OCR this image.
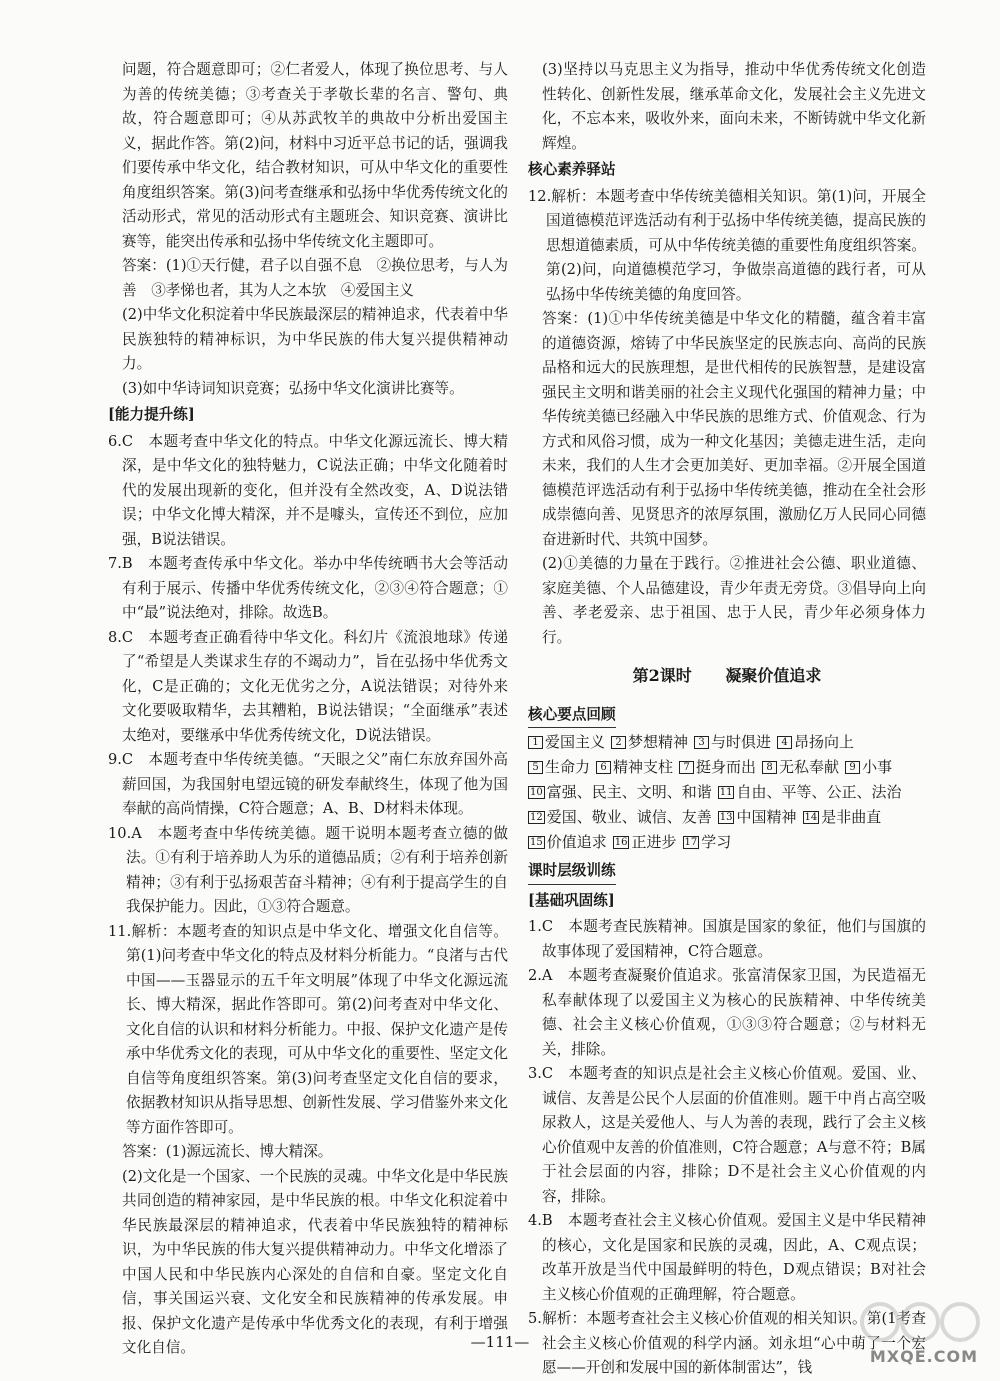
问题，符合题意即可；②仁者爱人，体现了换位思考、与人为善的传统美德；③考查关于孝敬长辈的名言、警句、典故，符合题意即可；④从苏武牧羊的典故中分析出爱国主义，据此作答。第(2)问，材料中习近平总书记的话，强调我们要传承中华文化，结合教材知识，可从中华文化的重要性角度组织答案。第(3)问考查继承和弘扬中华优秀传统文化的活动形式，常见的活动形式有主题班会、知识竞赛、演讲比赛等，能突出传承和弘扬中华传统文化主题即可。

答案：(1)①天行健，君子以自强不息　②换位思考，与人为善　③孝悌也者，其为人之本欤　④爱国主义

(2)中华文化积淀着中华民族最深层的精神追求，代表着中华民族独特的精神标识，为中华民族的伟大复兴提供精神动力。

(3)如中华诗词知识竞赛；弘扬中华文化演讲比赛等。

[能力提升练]

6.C　本题考查中华文化的特点。中华文化源远流长、博大精深，是中华文化的独特魅力，C说法正确；中华文化随着时代的发展出现新的变化，但并没有全然改变，A、D说法错误；中华文化博大精深，并不是噱头，宣传还不到位，应加强，B说法错误。

7.B　本题考查传承中华文化。举办中华传统晒书大会等活动有利于展示、传播中华优秀传统文化，②③④符合题意；①中“最”说法绝对，排除。故选B。

8.C　本题考查正确看待中华文化。科幻片《流浪地球》传递了“希望是人类谋求生存的不竭动力”，旨在弘扬中华优秀文化，C是正确的；文化无优劣之分，A说法错误；对待外来文化要吸取精华，去其糟粕，B说法错误；“全面继承”表述太绝对，要继承中华优秀传统文化，D说法错误。

9.C　本题考查中华传统美德。“天眼之父”南仁东放弃国外高薪回国，为我国射电望远镜的研发奉献终生，体现了他为国奉献的高尚情操，C符合题意；A、B、D材料未体现。

10.A　本题考查中华传统美德。题干说明本题考查立德的做法。①有利于培养助人为乐的道德品质；②有利于培养创新精神；③有利于弘扬艰苦奋斗精神；④有利于提高学生的自我保护能力。因此，①③符合题意。

11.解析：本题考查的知识点是中华文化、增强文化自信等。第(1)问考查中华文化的特点及材料分析能力。“良渚与古代中国——玉器显示的五千年文明展”体现了中华文化源远流长、博大精深，据此作答即可。第(2)问考查对中华文化、文化自信的认识和材料分析能力。中报、保护文化遗产是传承中华优秀文化的表现，可从中华文化的重要性、坚定文化自信等角度组织答案。第(3)问考查坚定文化自信的要求，依据教材知识从指导思想、创新性发展、学习借鉴外来文化等方面作答即可。

答案：(1)源远流长、博大精深。

(2)文化是一个国家、一个民族的灵魂。中华文化是中华民族共同创造的精神家园，是中华民族的根。中华文化积淀着中华民族最深层的精神追求，代表着中华民族独特的精神标识，为中华民族的伟大复兴提供精神动力。中华文化增添了中国人民和中华民族内心深处的自信和自豪。坚定文化自信，事关国运兴衰、文化安全和民族精神的传承发展。申报、保护文化遗产是传承中华优秀文化的表现，有利于增强文化自信。

(3)坚持以马克思主义为指导，推动中华优秀传统文化创造性转化、创新性发展，继承革命文化，发展社会主义先进文化，不忘本来，吸收外来，面向未来，不断铸就中华文化新辉煌。

核心素养驿站

12.解析：本题考查中华传统美德相关知识。第(1)问，开展全国道德模范评选活动有利于弘扬中华传统美德，提高民族的思想道德素质，可从中华传统美德的重要性角度组织答案。第(2)问，向道德模范学习，争做崇高道德的践行者，可从弘扬中华传统美德的角度回答。

答案：(1)①中华传统美德是中华文化的精髓，蕴含着丰富的道德资源，熔铸了中华民族坚定的民族志向、高尚的民族品格和远大的民族理想，是世代相传的民族智慧，是建设富强民主文明和谐美丽的社会主义现代化强国的精神力量；中华传统美德已经融入中华民族的思维方式、价值观念、行为方式和风俗习惯，成为一种文化基因；美德走进生活，走向未来，我们的人生才会更加美好、更加幸福。②开展全国道德模范评选活动有利于弘扬中华传统美德，推动在全社会形成崇德向善、见贤思齐的浓厚氛围，激励亿万人民同心同德奋进新时代、共筑中国梦。

(2)①美德的力量在于践行。②推进社会公德、职业道德、家庭美德、个人品德建设，青少年责无旁贷。③倡导向上向善、孝老爱亲、忠于祖国、忠于人民，青少年必须身体力行。

第2课时 凝聚价值追求
核心要点回顾
1 爱国主义	2 梦想精神	3 与时俱进	4 昂扬向上
5 生命力	6 精神支柱	7 挺身而出	8 无私奉献	9 小事
10 富强、民主、文明、和谐 11 自由、平等、公正、法治
12 爱国、敬业、诚信、友善 13 中国精神 14 是非曲直
15 价值追求 16 正进步 17 学习
课时层级训练
[基础巩固练]

1.C　本题考查民族精神。国旗是国家的象征，他们与国旗的故事体现了爱国精神，C符合题意。

2.A　本题考查凝聚价值追求。张富清保家卫国，为民造福无私奉献体现了以爱国主义为核心的民族精神、中华传统美德、社会主义核心价值观，①③③符合题意；②与材料无关，排除。

3.C　本题考查的知识点是社会主义核心价值观。爱国、业、诚信、友善是公民个人层面的价值准则。题干中肖占高空吸尿救人，这是关爱他人、与人为善的表现，践行了会主义核心价值观中友善的价值准则，C符合题意；A与意不符；B属于社会层面的内容，排除；D不是社会主义心价值观的内容，排除。

4.B　本题考查社会主义核心价值观。爱国主义是中华民精神的核心，文化是国家和民族的灵魂，因此，A、C观点误；改革开放是当代中国最鲜明的特色，D观点错误；B对社会主义核心价值观的正确理解，符合题意。

5.解析：本题考查社会主义核心价值观的相关知识。第(1考查社会主义核心价值观的科学内涵。刘永坦“心中萌了一个宏愿——开创和发展中国的新体制雷达”，钱

—111—
MXQE.COM
